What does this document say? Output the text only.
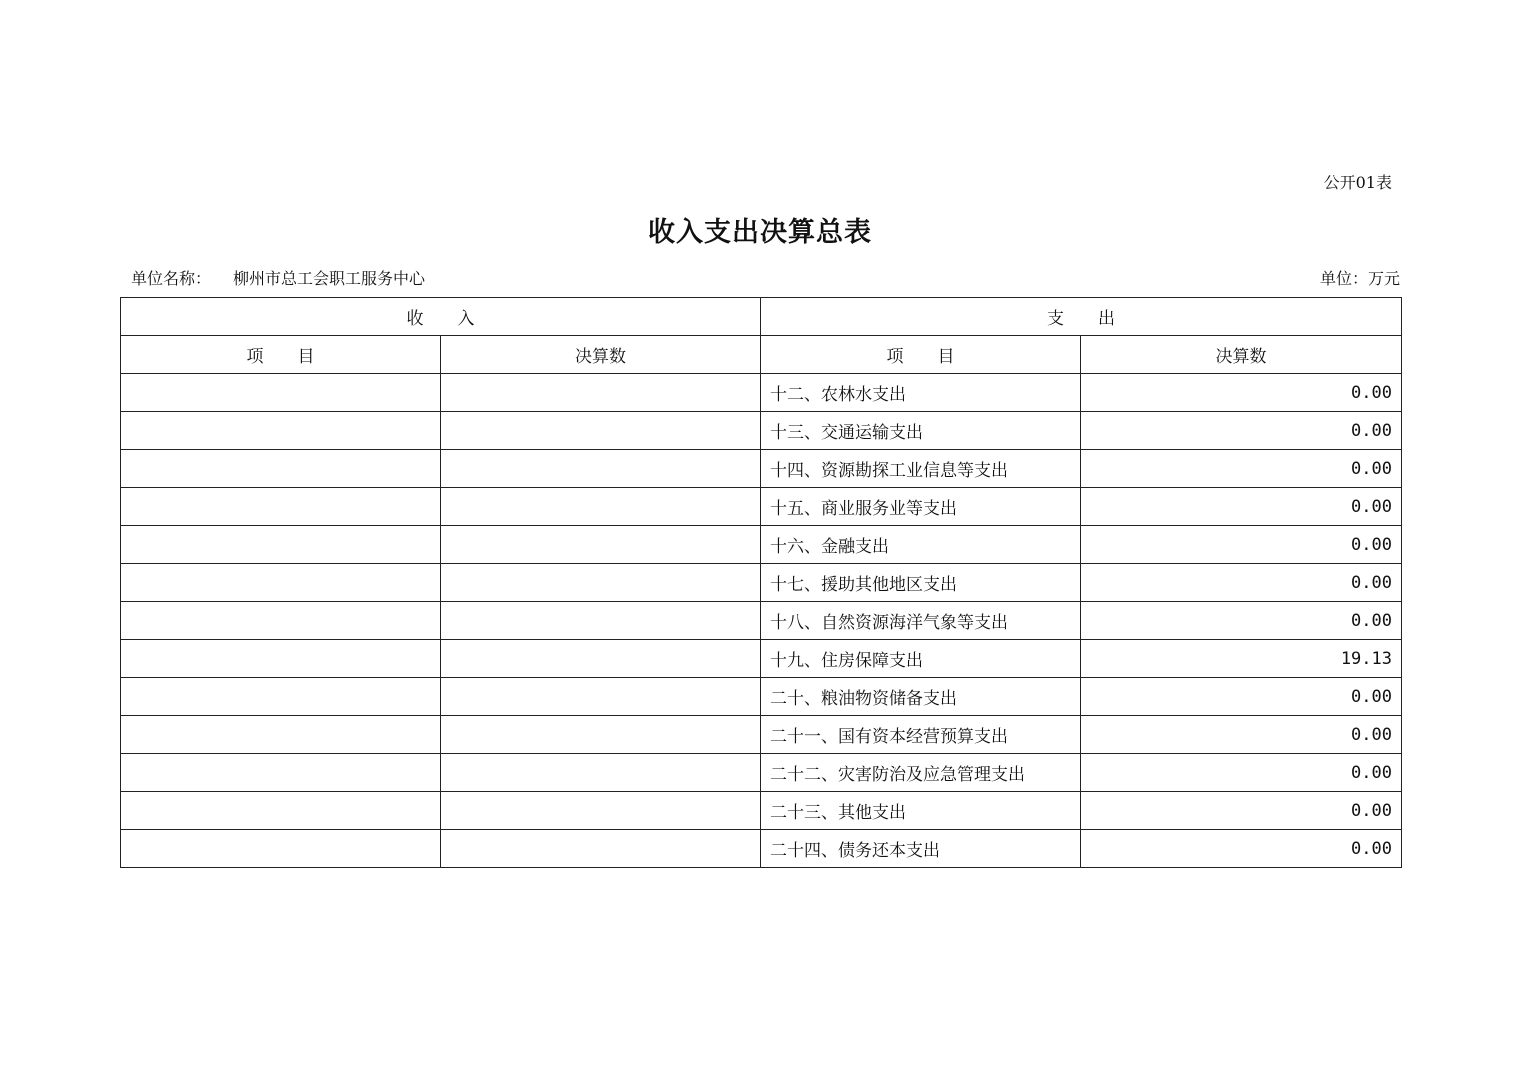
公开01表
收入支出决算总表
单位名称： 柳州市总工会职工服务中心	单位：万元
收　　入		支　　出	
项　　目	决算数	项　　目	决算数
		十二、农林水支出	0.00
		十三、交通运输支出	0.00
		十四、资源勘探工业信息等支出	0.00
		十五、商业服务业等支出	0.00
		十六、金融支出	0.00
		十七、援助其他地区支出	0.00
		十八、自然资源海洋气象等支出	0.00
		十九、住房保障支出	19.13
		二十、粮油物资储备支出	0.00
		二十一、国有资本经营预算支出	0.00
		二十二、灾害防治及应急管理支出	0.00
		二十三、其他支出	0.00
		二十四、债务还本支出	0.00
